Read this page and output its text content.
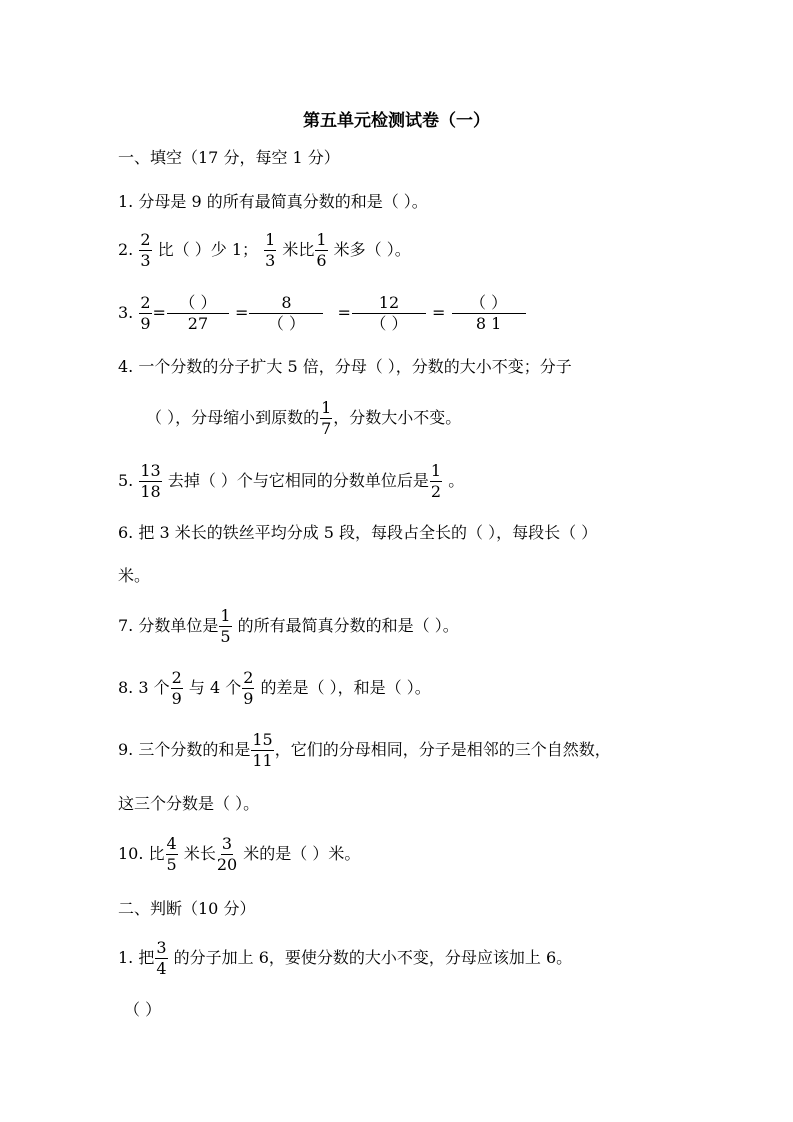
第五单元检测试卷（一）
一、填空（17 分，每空 1 分）
1. 分母是 9 的所有最简真分数的和是（ ）。
2. $\frac{2}{3}$ 比（ ）少 1； $\frac{1}{3}$ 米比 $\frac{1}{6}$ 米多（ ）。
3. $\frac{2}{9} = \frac{( )}{27} = \frac{8}{( )} = \frac{12}{( )} = \frac{( )}{8 1}$
4. 一个分数的分子扩大 5 倍，分母（ ），分数的大小不变；分子
（ ），分母缩小到原数的 $\frac{1}{7}$ ，分数大小不变。
5. $\frac{13}{18}$ 去掉（ ）个与它相同的分数单位后是 $\frac{1}{2}$ 。
6. 把 3 米长的铁丝平均分成 5 段，每段占全长的（ ），每段长（ ）
米。
7. 分数单位是 $\frac{1}{5}$ 的所有最简真分数的和是（ ）。
8. 3 个 $\frac{2}{9}$ 与 4 个 $\frac{2}{9}$ 的差是（ ），和是（ ）。
9. 三个分数的和是 $\frac{15}{11}$ ，它们的分母相同，分子是相邻的三个自然数，
这三个分数是（ ）。
10. 比 $\frac{4}{5}$ 米长 $\frac{3}{20}$ 米的是（ ）米。
二、判断（10 分）
1. 把 $\frac{3}{4}$ 的分子加上 6，要使分数的大小不变，分母应该加上 6。
（ ）
